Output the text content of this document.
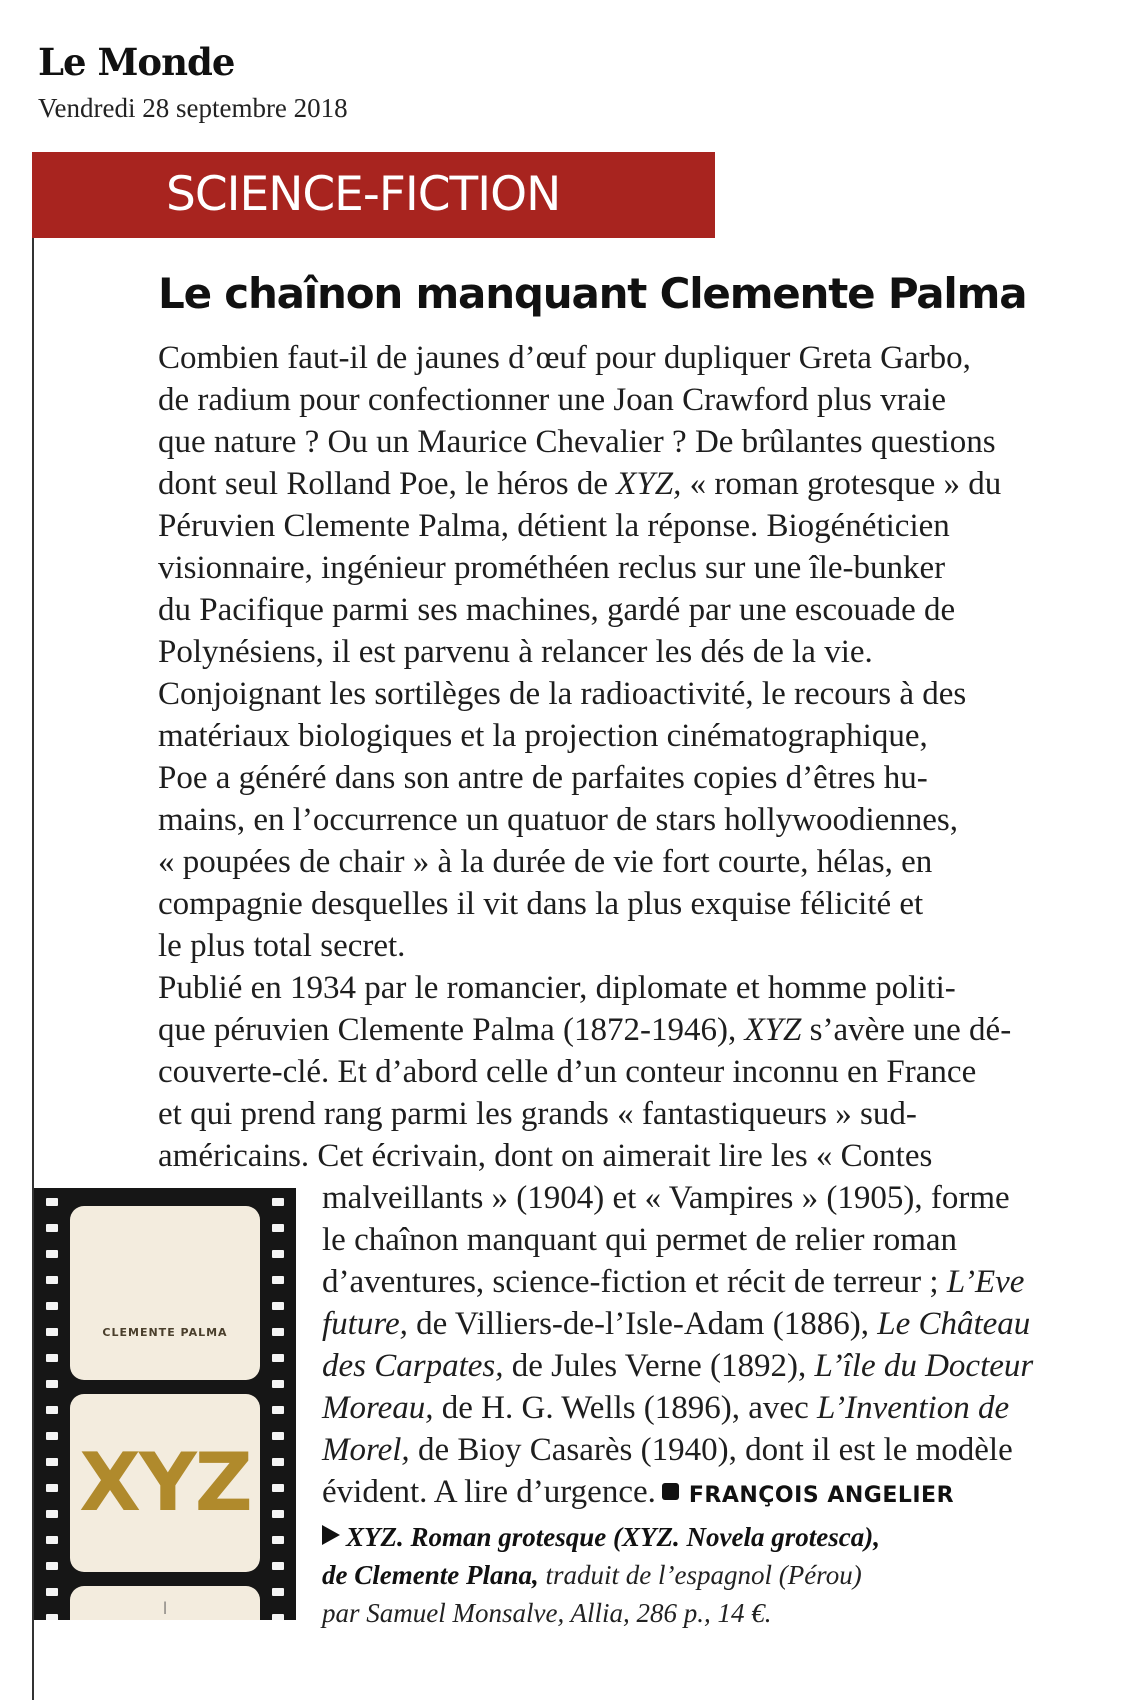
Le Monde
Vendredi 28 septembre 2018
SCIENCE-FICTION
Le chaînon manquant Clemente Palma
Combien faut-il de jaunes d’œuf pour dupliquer Greta Garbo,
de radium pour confectionner une Joan Crawford plus vraie
que nature ? Ou un Maurice Chevalier ? De brûlantes questions
dont seul Rolland Poe, le héros de XYZ, « roman grotesque » du
Péruvien Clemente Palma, détient la réponse. Biogénéticien
visionnaire, ingénieur prométhéen reclus sur une île-bunker
du Pacifique parmi ses machines, gardé par une escouade de
Polynésiens, il est parvenu à relancer les dés de la vie.
Conjoignant les sortilèges de la radioactivité, le recours à des
matériaux biologiques et la projection cinématographique,
Poe a généré dans son antre de parfaites copies d’êtres hu-
mains, en l’occurrence un quatuor de stars hollywoodiennes,
« poupées de chair » à la durée de vie fort courte, hélas, en
compagnie desquelles il vit dans la plus exquise félicité et
le plus total secret.
Publié en 1934 par le romancier, diplomate et homme politi-
que péruvien Clemente Palma (1872-1946), XYZ s’avère une dé-
couverte-clé. Et d’abord celle d’un conteur inconnu en France
et qui prend rang parmi les grands « fantastiqueurs » sud-
américains. Cet écrivain, dont on aimerait lire les « Contes
malveillants » (1904) et « Vampires » (1905), forme
le chaînon manquant qui permet de relier roman
d’aventures, science-fiction et récit de terreur ; L’Eve
future, de Villiers-de-l’Isle-Adam (1886), Le Château
des Carpates, de Jules Verne (1892), L’île du Docteur
Moreau, de H. G. Wells (1896), avec L’Invention de
Morel, de Bioy Casarès (1940), dont il est le modèle
évident. A lire d’urgence. FRANÇOIS ANGELIER
XYZ. Roman grotesque (XYZ. Novela grotesca),
de Clemente Plana, traduit de l’espagnol (Pérou)
par Samuel Monsalve, Allia, 286 p., 14 €.
CLEMENTE PALMA
XYZ
|
